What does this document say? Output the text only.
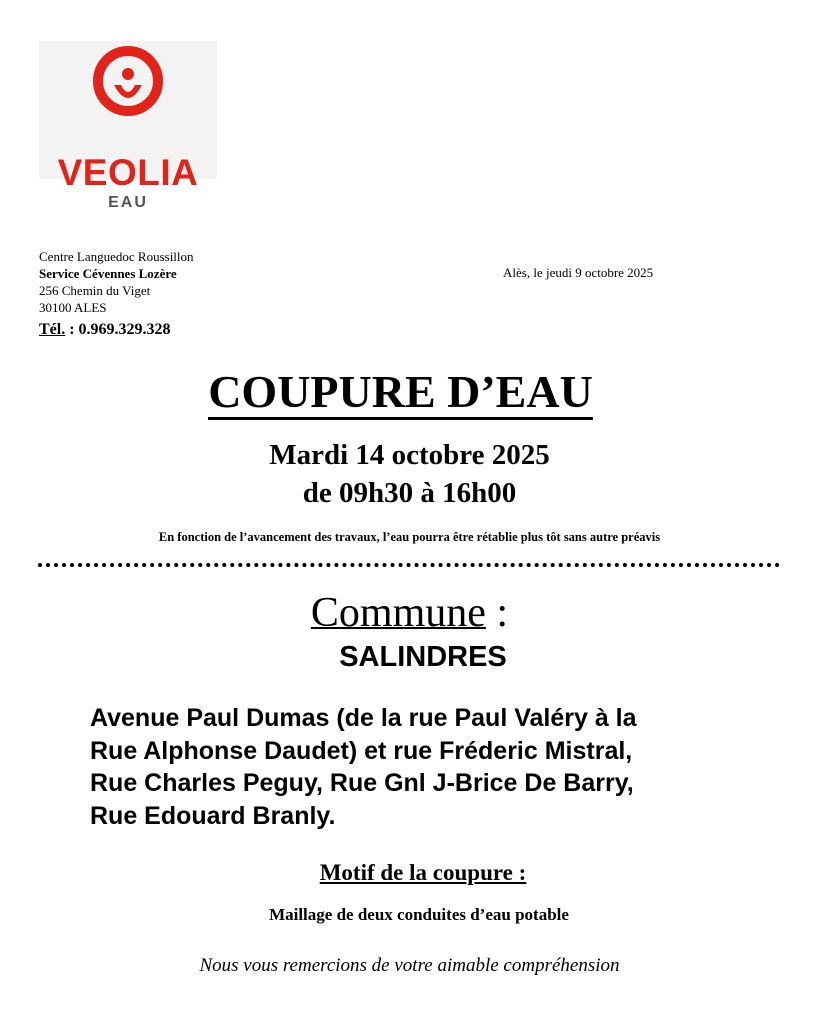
VEOLIA
EAU
Centre Languedoc Roussillon
Service Cévennes Lozère
256 Chemin du Viget
30100 ALES
Tél. : 0.969.329.328
Alès, le jeudi 9 octobre 2025
COUPURE D’EAU
Mardi 14 octobre 2025
de 09h30 à 16h00
En fonction de l’avancement des travaux, l’eau pourra être rétablie plus tôt sans autre préavis
Commune :
SALINDRES
Avenue Paul Dumas (de la rue Paul Valéry à la
Rue Alphonse Daudet) et rue Fréderic Mistral,
Rue Charles Peguy, Rue Gnl J-Brice De Barry,
Rue Edouard Branly.
Motif de la coupure :
Maillage de deux conduites d’eau potable
Nous vous remercions de votre aimable compréhension
